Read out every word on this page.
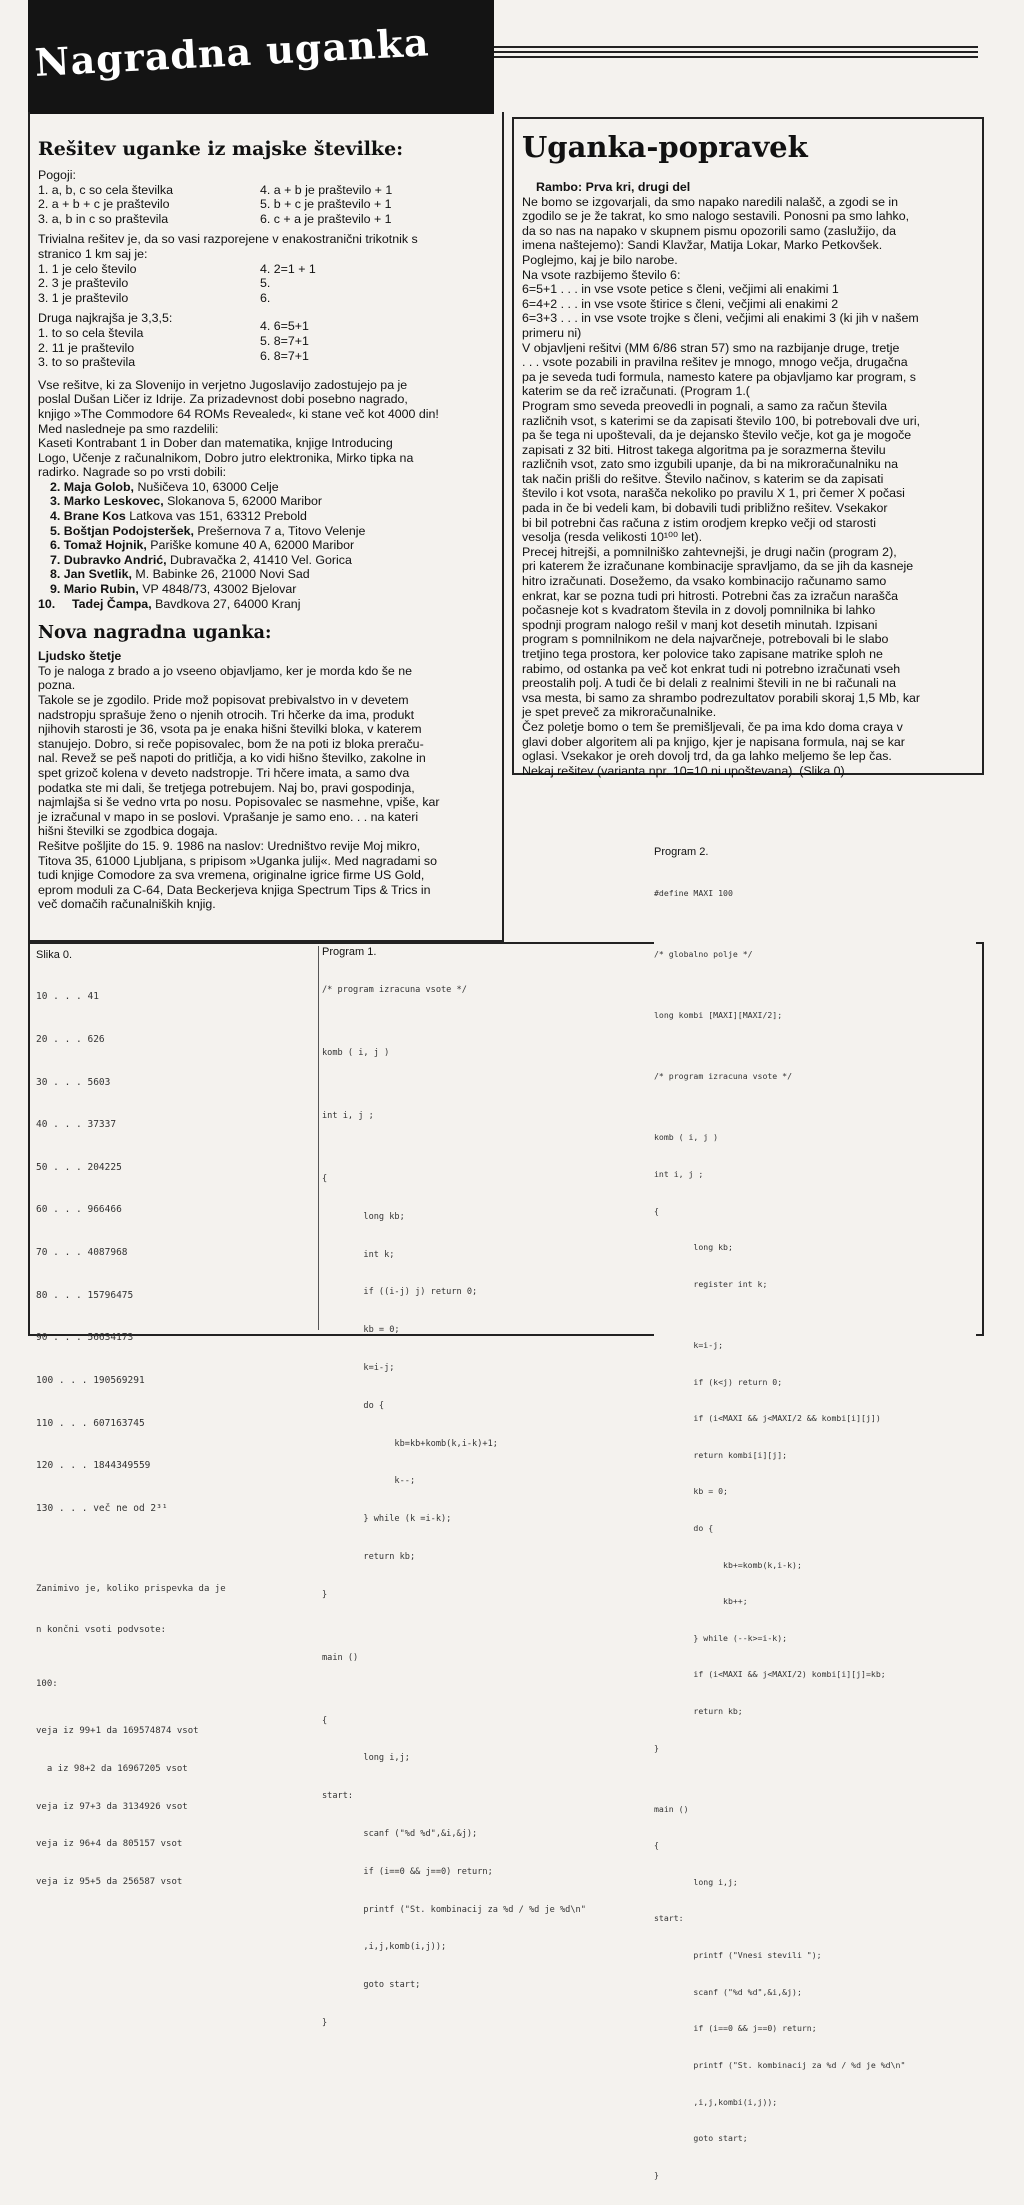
Nagradna uganka
Rešitev uganke iz majske številke:
Pogoji:
1. a, b, c so cela številka
2. a + b + c je praštevilo
3. a, b in c so praštevila
4. a + b je praštevilo + 1
5. b + c je praštevilo + 1
6. c + a je praštevilo + 1
Trivialna rešitev je, da so vasi razporejene v enakostranični trikotnik s
stranico 1 km saj je:
1. 1 je celo število
2. 3 je praštevilo
3. 1 je praštevilo
4. 2=1 + 1
5.
6.
Druga najkrajša je 3,3,5:
1. to so cela števila
2. 11 je praštevilo
3. to so praštevila
4. 6=5+1
5. 8=7+1
6. 8=7+1
Vse rešitve, ki za Slovenijo in verjetno Jugoslavijo zadostujejo pa je
poslal Dušan Ličer iz Idrije. Za prizadevnost dobi posebno nagrado,
knjigo »The Commodore 64 ROMs Revealed«, ki stane več kot 4000 din!
Med nasledneje pa smo razdelili:
Kaseti Kontrabant 1 in Dober dan matematika, knjige Introducing
Logo, Učenje z računalnikom, Dobro jutro elektronika, Mirko tipka na
radirko. Nagrade so po vrsti dobili:
2. Maja Golob, Nušičeva 10, 63000 Celje
3. Marko Leskovec, Slokanova 5, 62000 Maribor
4. Brane Kos Latkova vas 151, 63312 Prebold
5. Boštjan Podojsteršek, Prešernova 7 a, Titovo Velenje
6. Tomaž Hojnik, Pariške komune 40 A, 62000 Maribor
7. Dubravko Andrić, Dubravačka 2, 41410 Vel. Gorica
8. Jan Svetlik, M. Babinke 26, 21000 Novi Sad
9. Mario Rubin, VP 4848/73, 43002 Bjelovar
10. Tadej Čampa, Bavdkova 27, 64000 Kranj
Nova nagradna uganka:
Ljudsko štetje
To je naloga z brado a jo vseeno objavljamo, ker je morda kdo še ne
pozna.
Takole se je zgodilo. Pride mož popisovat prebivalstvo in v devetem
nadstropju sprašuje ženo o njenih otrocih. Tri hčerke da ima, produkt
njihovih starosti je 36, vsota pa je enaka hišni številki bloka, v katerem
stanujejo. Dobro, si reče popisovalec, bom že na poti iz bloka preraču-
nal. Revež se peš napoti do pritličja, a ko vidi hišno številko, zakolne in
spet grizoč kolena v deveto nadstropje. Tri hčere imata, a samo dva
podatka ste mi dali, še tretjega potrebujem. Naj bo, pravi gospodinja,
najmlajša si še vedno vrta po nosu. Popisovalec se nasmehne, vpiše, kar
je izračunal v mapo in se poslovi. Vprašanje je samo eno. . . na kateri
hišni številki se zgodbica dogaja.
Rešitve pošljite do 15. 9. 1986 na naslov: Uredništvo revije Moj mikro,
Titova 35, 61000 Ljubljana, s pripisom »Uganka julij«. Med nagradami so
tudi knjige Comodore za sva vremena, originalne igrice firme US Gold,
eprom moduli za C-64, Data Beckerjeva knjiga Spectrum Tips & Trics in
več domačih računalniških knjig.
Uganka-popravek
Rambo: Prva kri, drugi del
Ne bomo se izgovarjali, da smo napako naredili nalašč, a zgodi se in
zgodilo se je že takrat, ko smo nalogo sestavili. Ponosni pa smo lahko,
da so nas na napako v skupnem pismu opozorili samo (zaslužijo, da
imena naštejemo): Sandi Klavžar, Matija Lokar, Marko Petkovšek.
Poglejmo, kaj je bilo narobe.
Na vsote razbijemo število 6:
6=5+1 . . . in vse vsote petice s členi, večjimi ali enakimi 1
6=4+2 . . . in vse vsote štirice s členi, večjimi ali enakimi 2
6=3+3 . . . in vse vsote trojke s členi, večjimi ali enakimi 3 (ki jih v našem
primeru ni)
V objavljeni rešitvi (MM 6/86 stran 57) smo na razbijanje druge, tretje
. . . vsote pozabili in pravilna rešitev je mnogo, mnogo večja, drugačna
pa je seveda tudi formula, namesto katere pa objavljamo kar program, s
katerim se da reč izračunati. (Program 1.(
Program smo seveda preovedli in pognali, a samo za račun števila
različnih vsot, s katerimi se da zapisati število 100, bi potrebovali dve uri,
pa še tega ni upoštevali, da je dejansko število večje, kot ga je mogoče
zapisati z 32 biti. Hitrost takega algoritma pa je sorazmerna številu
različnih vsot, zato smo izgubili upanje, da bi na mikroračunalniku na
tak način prišli do rešitve. Število načinov, s katerim se da zapisati
število i kot vsota, narašča nekoliko po pravilu X 1, pri čemer X počasi
pada in če bi vedeli kam, bi dobavili tudi približno rešitev. Vsekakor
bi bil potrebni čas računa z istim orodjem krepko večji od starosti
vesolja (resda velikosti 10¹⁰⁰ let).
Precej hitrejši, a pomnilniško zahtevnejši, je drugi način (program 2),
pri katerem že izračunane kombinacije spravljamo, da se jih da kasneje
hitro izračunati. Dosežemo, da vsako kombinacijo računamo samo
enkrat, kar se pozna tudi pri hitrosti. Potrebni čas za izračun narašča
počasneje kot s kvadratom števila in z dovolj pomnilnika bi lahko
spodnji program nalogo rešil v manj kot desetih minutah. Izpisani
program s pomnilnikom ne dela najvarčneje, potrebovali bi le slabo
tretjino tega prostora, ker polovice tako zapisane matrike sploh ne
rabimo, od ostanka pa več kot enkrat tudi ni potrebno izračunati vseh
preostalih polj. A tudi če bi delali z realnimi števili in ne bi računali na
vsa mesta, bi samo za shrambo podrezultatov porabili skoraj 1,5 Mb, kar
je spet preveč za mikroračunalnike.
Čez poletje bomo o tem še premišljevali, če pa ima kdo doma craya v
glavi dober algoritem ali pa knjigo, kjer je napisana formula, naj se kar
oglasi. Vsekakor je oreh dovolj trd, da ga lahko meljemo še lep čas.
Nekaj rešitev (varianta npr. 10=10 ni upoštevana). (Slika 0)
Slika 0.

10 . . . 41

20 . . . 626

30 . . . 5603

40 . . . 37337

50 . . . 204225

60 . . . 966466

70 . . . 4087968

80 . . . 15796475

90 . . . 56634173

100 . . . 190569291

110 . . . 607163745

120 . . . 1844349559

130 . . . več ne od 2³¹

Zanimivo je, koliko prispevka da je

n končni vsoti podvsote:

100:

veja iz 99+1 da 169574874 vsot

a iz 98+2 da 16967205 vsot

veja iz 97+3 da 3134926 vsot

veja iz 96+4 da 805157 vsot

veja iz 95+5 da 256587 vsot

Program 1.

/* program izracuna vsote */

komb ( i, j )

int i, j ;

{

long kb;

int k;

if ((i-j) j) return 0;

kb = 0;

k=i-j;

do {

kb=kb+komb(k,i-k)+1;

k--;

} while (k =i-k);

return kb;

}

main ()

{

long i,j;

start:

scanf ("%d %d",&i,&j);

if (i==0 && j==0) return;

printf ("St. kombinacij za %d / %d je %d\n"

,i,j,komb(i,j));

goto start;

}

Program 2.

#define MAXI 100

/* globalno polje */

long kombi [MAXI][MAXI/2];

/* program izracuna vsote */

komb ( i, j )

int i, j ;

{

long kb;

register int k;

k=i-j;

if (k<j) return 0;

if (i<MAXI && j<MAXI/2 && kombi[i][j])

return kombi[i][j];

kb = 0;

do {

kb+=komb(k,i-k);

kb++;

} while (--k>=i-k);

if (i<MAXI && j<MAXI/2) kombi[i][j]=kb;

return kb;

}

main ()

{

long i,j;

start:

printf ("Vnesi stevili ");

scanf ("%d %d",&i,&j);

if (i==0 && j==0) return;

printf ("St. kombinacij za %d / %d je %d\n"

,i,j,kombi(i,j));

goto start;

}
